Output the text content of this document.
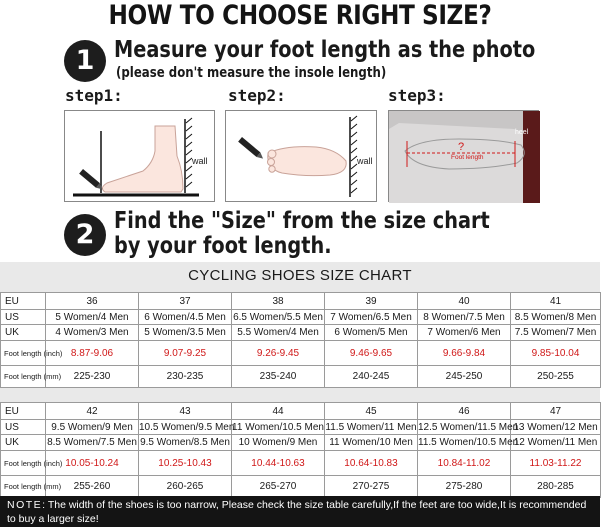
HOW TO CHOOSE RIGHT SIZE?
1 Measure your foot length as the photo
(please don't measure the insole length)
step1:	step2:	step3:
wall	wall
?
heel
Foot length
2 Find the "Size" from the size chart
by your foot length.
CYCLING SHOES SIZE CHART
EU	36	37	38	39	40	41
US	5 Women/4 Men	6 Women/4.5 Men	6.5 Women/5.5 Men	7 Women/6.5 Men	8 Women/7.5 Men	8.5 Women/8 Men
UK	4 Women/3 Men	5 Women/3.5 Men	5.5 Women/4 Men	6 Women/5 Men	7 Women/6 Men	7.5 Women/7 Men
Foot length (inch)	8.87-9.06	9.07-9.25	9.26-9.45	9.46-9.65	9.66-9.84	9.85-10.04
Foot length (mm)	225-230	230-235	235-240	240-245	245-250	250-255
EU	42	43	44	45	46	47
US	9.5 Women/9 Men	10.5 Women/9.5 Men	11 Women/10.5 Men	11.5 Women/11 Men	12.5 Women/11.5 Men	13 Women/12 Men
UK	8.5 Women/7.5 Men	9.5 Women/8.5 Men	10 Women/9 Men	11 Women/10 Men	11.5 Women/10.5 Men	12 Women/11 Men
Foot length (inch)	10.05-10.24	10.25-10.43	10.44-10.63	10.64-10.83	10.84-11.02	11.03-11.22
Foot length (mm)	255-260	260-265	265-270	270-275	275-280	280-285
NOTE: The width of the shoes is too narrow, Please check the size table carefully,If the feet are too wide,It is recommended to buy a larger size!
